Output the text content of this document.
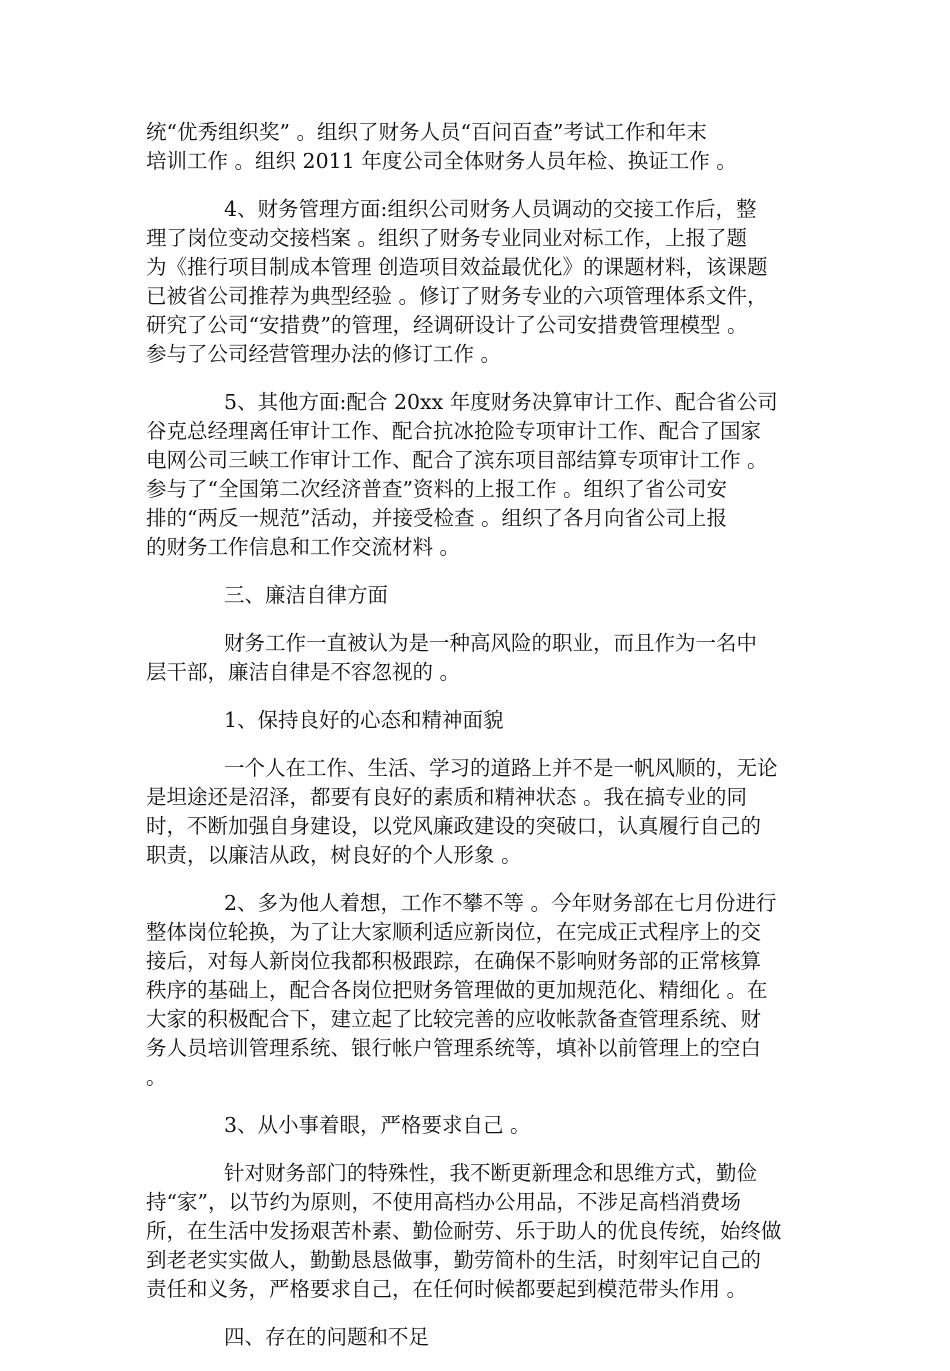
统“优秀组织奖” 。组织了财务人员“百问百查”考试工作和年末
培训工作 。组织 2011 年度公司全体财务人员年检、换证工作 。
4、财务管理方面:组织公司财务人员调动的交接工作后，整
理了岗位变动交接档案 。组织了财务专业同业对标工作，上报了题
为《推行项目制成本管理 创造项目效益最优化》的课题材料，该课题
已被省公司推荐为典型经验 。修订了财务专业的六项管理体系文件，
研究了公司“安措费”的管理，经调研设计了公司安措费管理模型 。
参与了公司经营管理办法的修订工作 。
5、其他方面:配合 20xx 年度财务决算审计工作、配合省公司
谷克总经理离任审计工作、配合抗冰抢险专项审计工作、配合了国家
电网公司三峡工作审计工作、配合了滨东项目部结算专项审计工作 。
参与了“全国第二次经济普查”资料的上报工作 。组织了省公司安
排的“两反一规范”活动，并接受检查 。组织了各月向省公司上报
的财务工作信息和工作交流材料 。
三、廉洁自律方面
财务工作一直被认为是一种高风险的职业，而且作为一名中
层干部，廉洁自律是不容忽视的 。
1、保持良好的心态和精神面貌
一个人在工作、生活、学习的道路上并不是一帆风顺的，无论
是坦途还是沼泽，都要有良好的素质和精神状态 。我在搞专业的同
时，不断加强自身建设，以党风廉政建设的突破口，认真履行自己的
职责，以廉洁从政，树良好的个人形象 。
2、多为他人着想，工作不攀不等 。今年财务部在七月份进行
整体岗位轮换，为了让大家顺利适应新岗位，在完成正式程序上的交
接后，对每人新岗位我都积极跟踪，在确保不影响财务部的正常核算
秩序的基础上，配合各岗位把财务管理做的更加规范化、精细化 。在
大家的积极配合下，建立起了比较完善的应收帐款备查管理系统、财
务人员培训管理系统、银行帐户管理系统等，填补以前管理上的空白
。
3、从小事着眼，严格要求自己 。
针对财务部门的特殊性，我不断更新理念和思维方式，勤俭
持“家”，以节约为原则，不使用高档办公用品，不涉足高档消费场
所，在生活中发扬艰苦朴素、勤俭耐劳、乐于助人的优良传统，始终做
到老老实实做人，勤勤恳恳做事，勤劳简朴的生活，时刻牢记自己的
责任和义务，严格要求自己，在任何时候都要起到模范带头作用 。
四、存在的问题和不足
